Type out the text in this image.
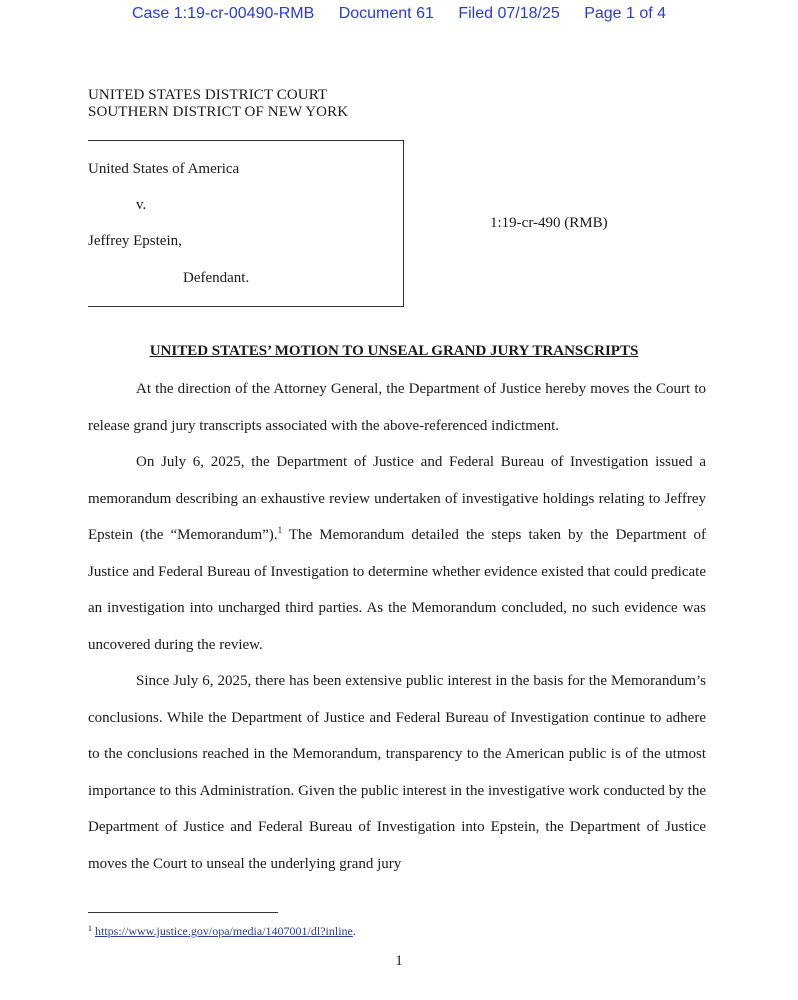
Case 1:19-cr-00490-RMB Document 61 Filed 07/18/25 Page 1 of 4
UNITED STATES DISTRICT COURT
SOUTHERN DISTRICT OF NEW YORK
United States of America
v.
Jeffrey Epstein,
Defendant.
1:19-cr-490 (RMB)
UNITED STATES’ MOTION TO UNSEAL GRAND JURY TRANSCRIPTS

At the direction of the Attorney General, the Department of Justice hereby moves the Court to release grand jury transcripts associated with the above-referenced indictment.

On July 6, 2025, the Department of Justice and Federal Bureau of Investigation issued a memorandum describing an exhaustive review undertaken of investigative holdings relating to Jeffrey Epstein (the “Memorandum”).$^1$ The Memorandum detailed the steps taken by the Department of Justice and Federal Bureau of Investigation to determine whether evidence existed that could predicate an investigation into uncharged third parties. As the Memorandum concluded, no such evidence was uncovered during the review.

Since July 6, 2025, there has been extensive public interest in the basis for the Memorandum’s conclusions. While the Department of Justice and Federal Bureau of Investigation continue to adhere to the conclusions reached in the Memorandum, transparency to the American public is of the utmost importance to this Administration. Given the public interest in the investigative work conducted by the Department of Justice and Federal Bureau of Investigation into Epstein, the Department of Justice moves the Court to unseal the underlying grand jury

$^1$ https://www.justice.gov/opa/media/1407001/dl?inline.
1
